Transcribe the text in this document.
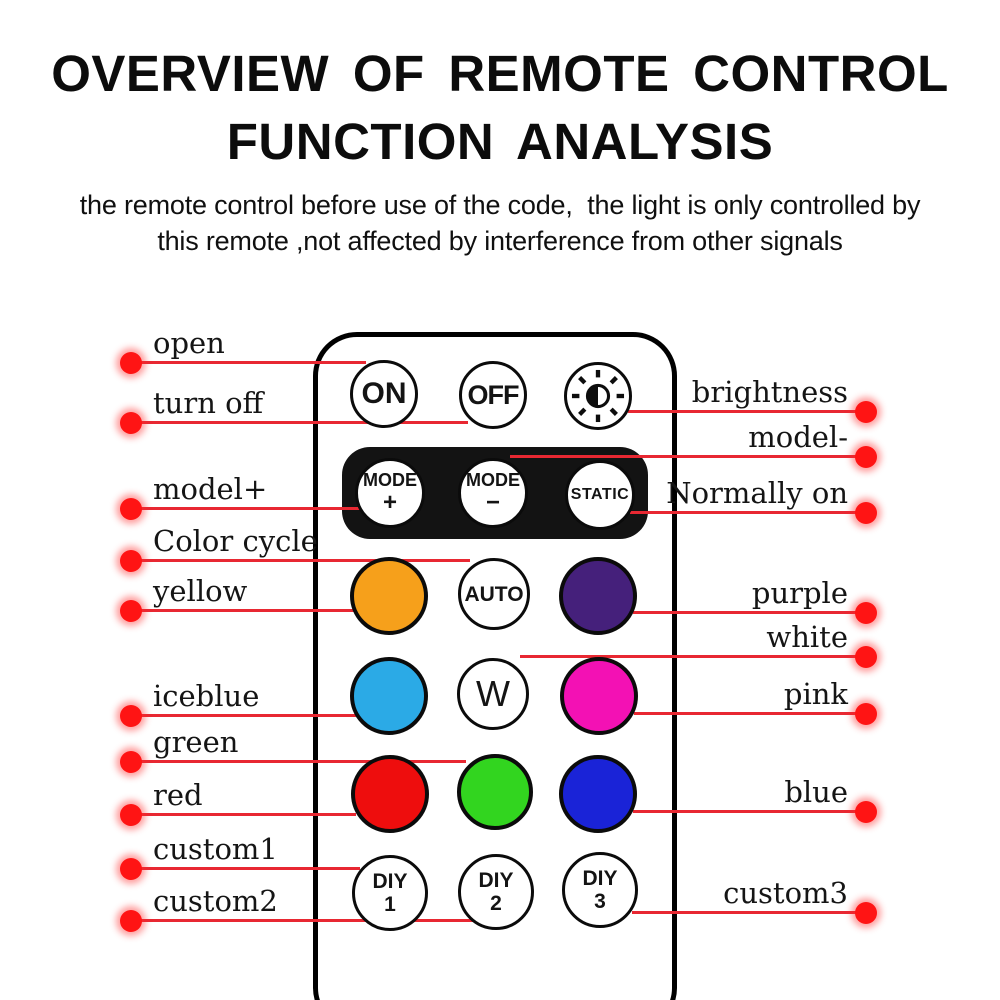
OVERVIEW OF REMOTE CONTROL
FUNCTION ANALYSIS

the remote control before use of the code,  the light is only controlled by

this remote ,not affected by interference from other signals

open
turn off
model+
Color cycle
yellow
iceblue
green
red
custom1
custom2
brightness
model-
Normally on
purple
white
pink
blue
custom3
ON OFF
MODE
+
MODE
−	STATIC
AUTO
W
DIY
1
DIY
2
DIY
3
